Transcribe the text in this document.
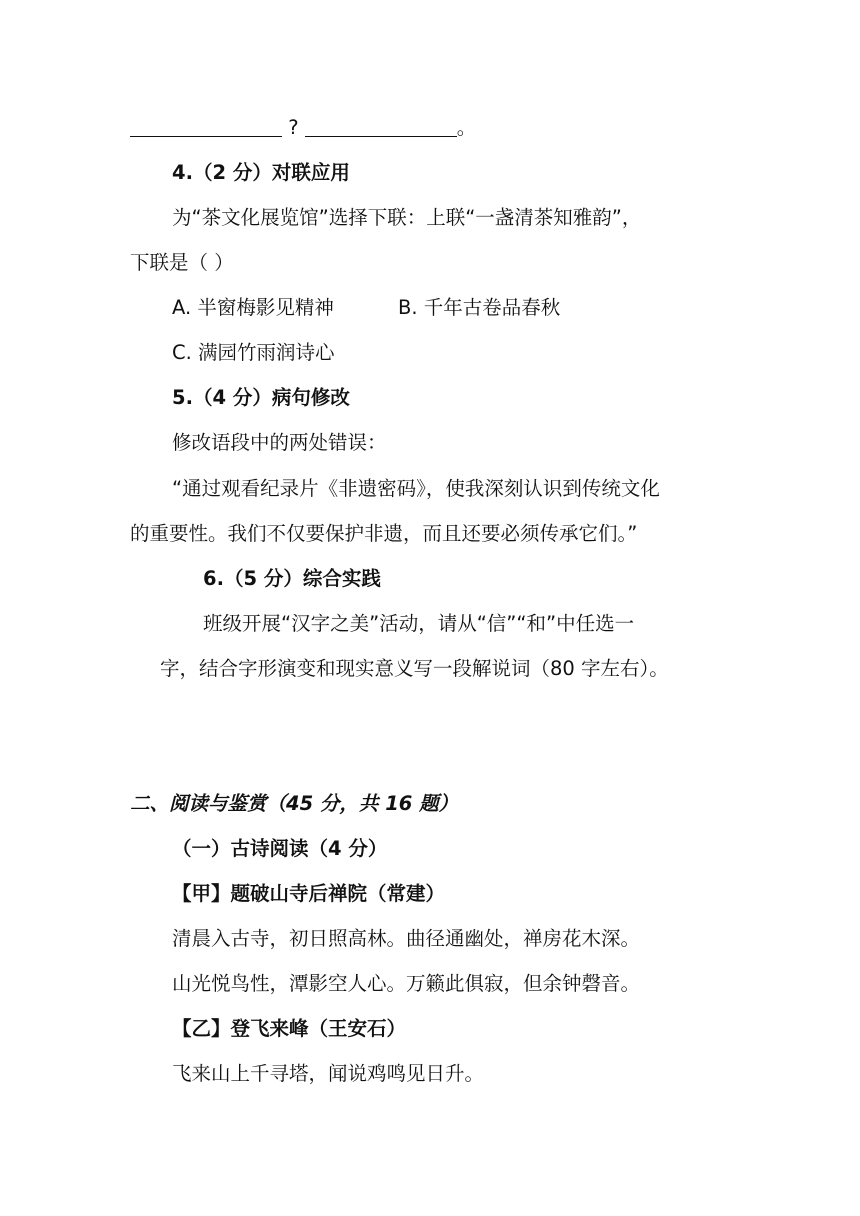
?	。
4.（2 分）对联应用
为“茶文化展览馆”选择下联：上联“一盏清茶知雅韵”，
下联是（ ）
A. 半窗梅影见精神	B. 千年古卷品春秋
C. 满园竹雨润诗心
5.（4 分）病句修改
修改语段中的两处错误：
“通过观看纪录片《非遗密码》，使我深刻认识到传统文化
的重要性。我们不仅要保护非遗，而且还要必须传承它们。”
6.（5 分）综合实践
班级开展“汉字之美”活动，请从“信”“和”中任选一
字，结合字形演变和现实意义写一段解说词（80 字左右）。
二、阅读与鉴赏（45 分，共 16 题）
（一）古诗阅读（4 分）
【甲】题破山寺后禅院（常建）
清晨入古寺，初日照高林。曲径通幽处，禅房花木深。
山光悦鸟性，潭影空人心。万籁此俱寂，但余钟磬音。
【乙】登飞来峰（王安石）
飞来山上千寻塔，闻说鸡鸣见日升。
